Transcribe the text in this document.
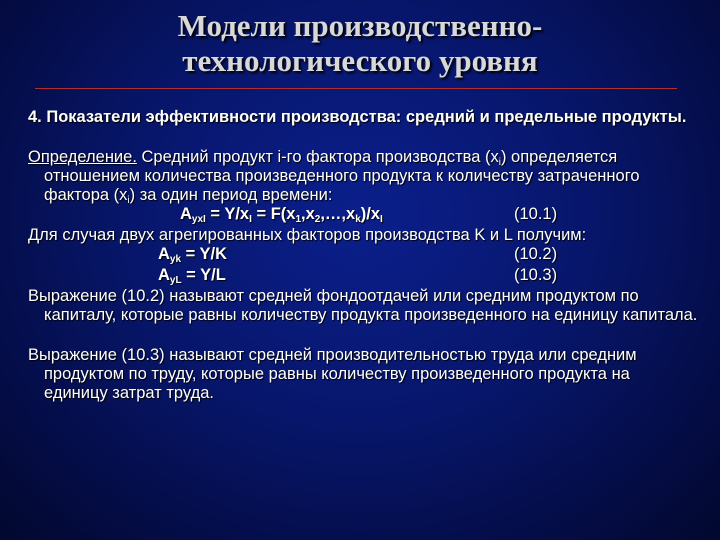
Модели производственно-
технологического уровня

4. Показатели эффективности производства: средний и предельные продукты.

Определение. Средний продукт i-го фактора производства $(x_i)$ определяется отношением количества произведенного продукта к количеству затраченного фактора $(x_i)$ за один период времени:

$A_{yxI} = Y/x_I$ = $F(x_1,x_2,\dots,x_k)/x_I$	(10.1)

Для случая двух агрегированных факторов производства K и L получим:

$A_{yk} = Y/K$	(10.2)
$A_{yL} = Y/L$	(10.3)

Выражение (10.2) называют средней фондоотдачей или средним продуктом по капиталу, которые равны количеству продукта произведенного на единицу капитала.

Выражение (10.3) называют средней производительностью труда или средним продуктом по труду, которые равны количеству произведенного продукта на единицу затрат труда.
